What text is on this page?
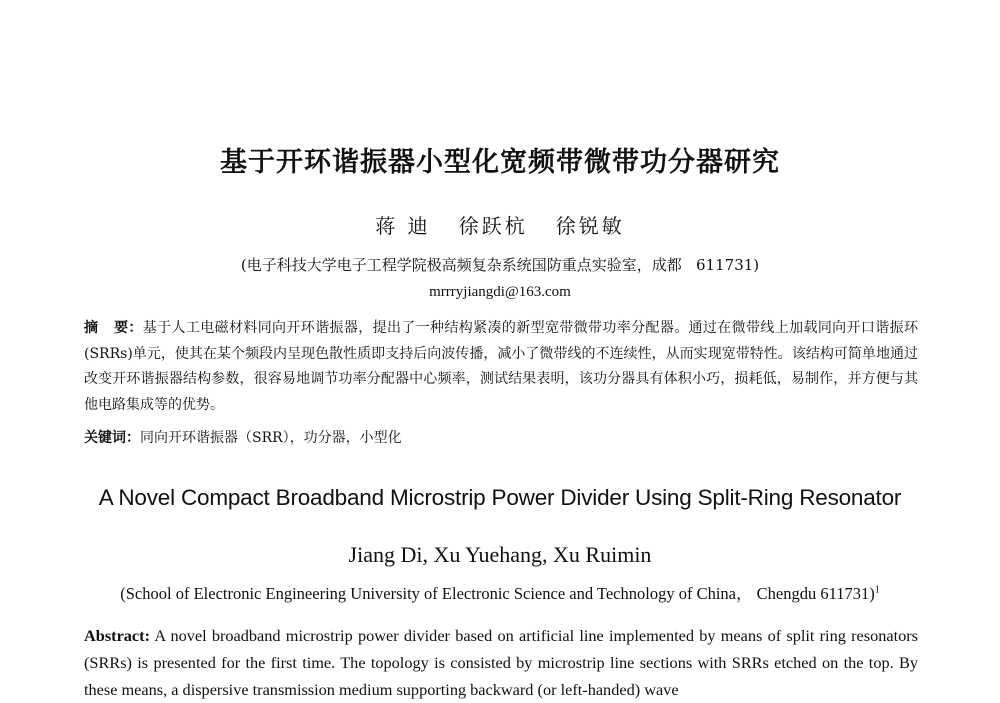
基于开环谐振器小型化宽频带微带功分器研究
蒋 迪   徐跃杭   徐锐敏
(电子科技大学电子工程学院极高频复杂系统国防重点实验室，成都   611731)
mrrryjiangdi@163.com
摘   要：基于人工电磁材料同向开环谐振器，提出了一种结构紧凑的新型宽带微带功率分配器。通过在微带线上加载同向开口谐振环(SRRs)单元，使其在某个频段内呈现色散性质即支持后向波传播，减小了微带线的不连续性，从而实现宽带特性。该结构可简单地通过改变开环谐振器结构参数，很容易地调节功率分配器中心频率，测试结果表明，该功分器具有体积小巧，损耗低，易制作，并方便与其他电路集成等的优势。
关键词：同向开环谐振器（SRR），功分器，小型化
A Novel Compact Broadband Microstrip Power Divider Using Split-Ring Resonator
Jiang Di, Xu Yuehang, Xu Ruimin
(School of Electronic Engineering University of Electronic Science and Technology of China， Chengdu 611731)$^1$
Abstract: A novel broadband microstrip power divider based on artificial line implemented by means of split ring resonators (SRRs) is presented for the first time. The topology is consisted by microstrip line sections with SRRs etched on the top. By these means, a dispersive transmission medium supporting backward (or left-handed) wave
